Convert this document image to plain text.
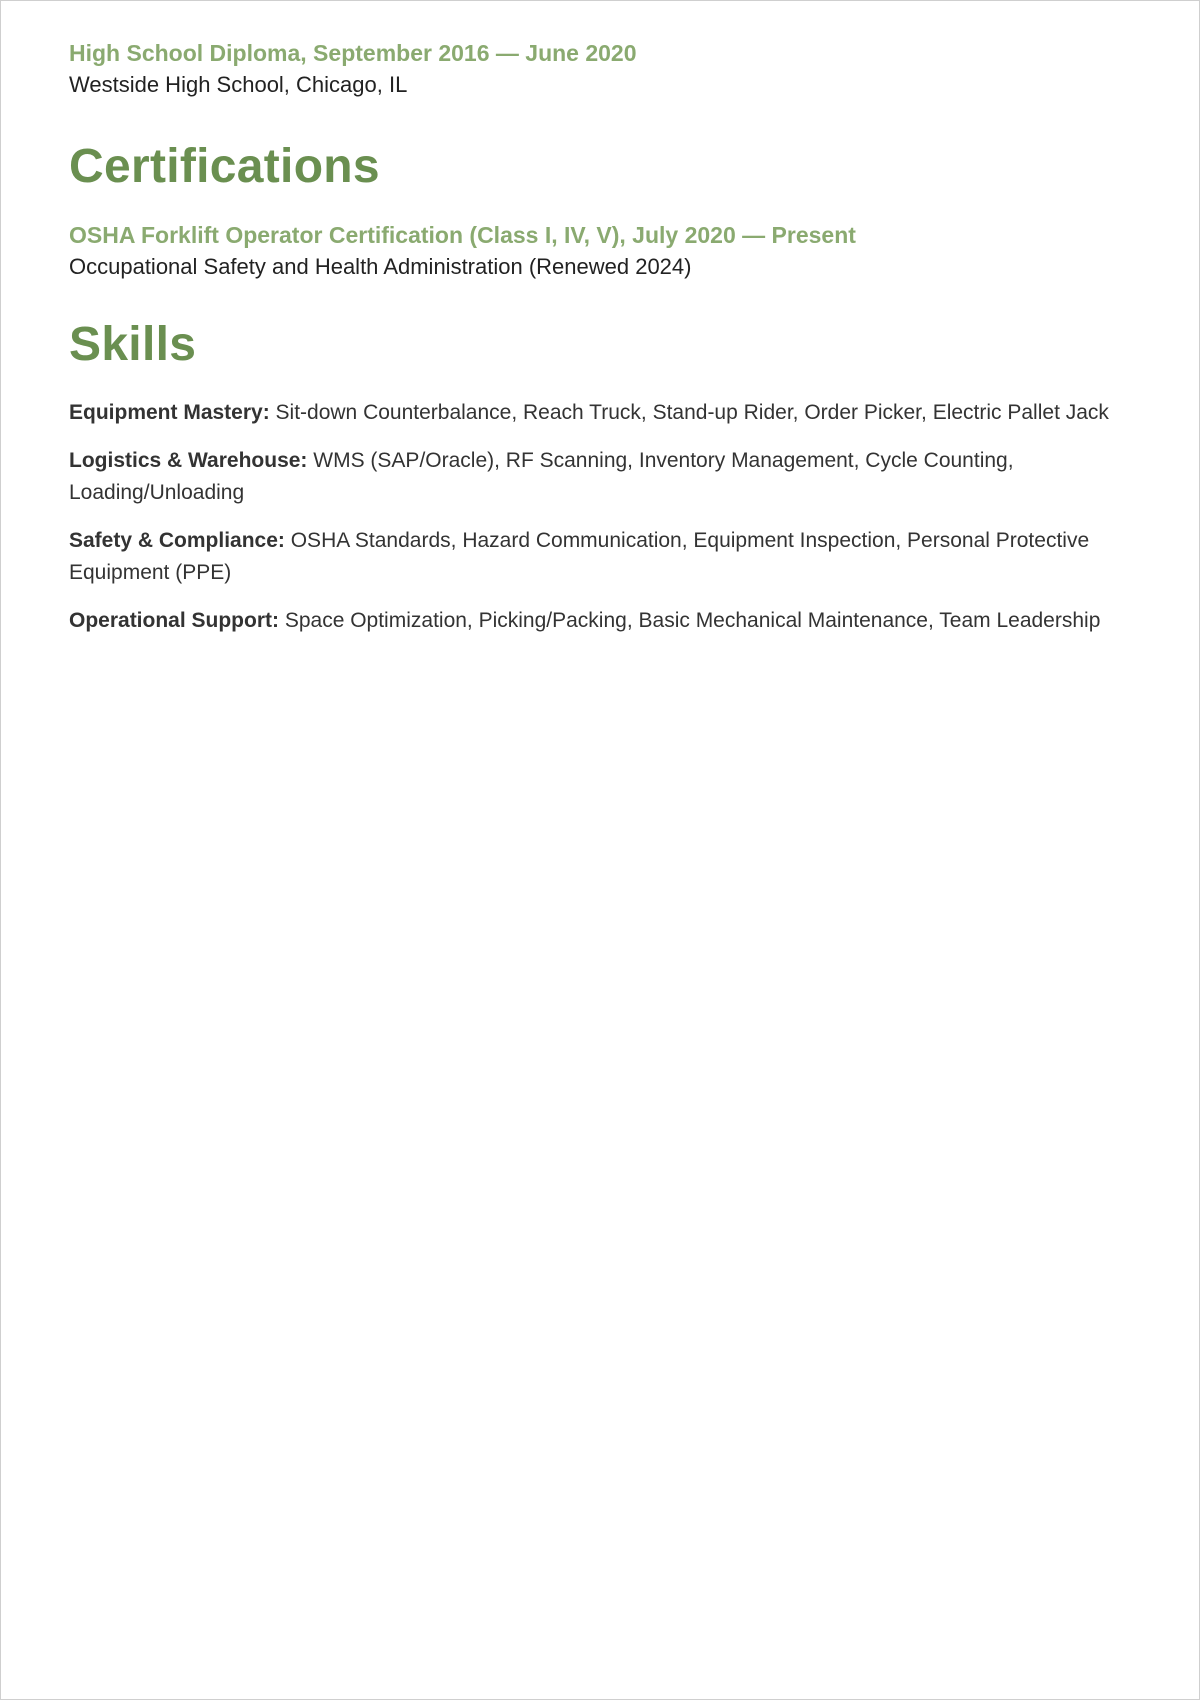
High School Diploma, September 2016 — June 2020

Westside High School, Chicago, IL

Certifications

OSHA Forklift Operator Certification (Class I, IV, V), July 2020 — Present

Occupational Safety and Health Administration (Renewed 2024)

Skills

Equipment Mastery: Sit-down Counterbalance, Reach Truck, Stand-up Rider, Order Picker, Electric Pallet Jack

Logistics & Warehouse: WMS (SAP/Oracle), RF Scanning, Inventory Management, Cycle Counting, Loading/Unloading

Safety & Compliance: OSHA Standards, Hazard Communication, Equipment Inspection, Personal Protective Equipment (PPE)

Operational Support: Space Optimization, Picking/Packing, Basic Mechanical Maintenance, Team Leadership
